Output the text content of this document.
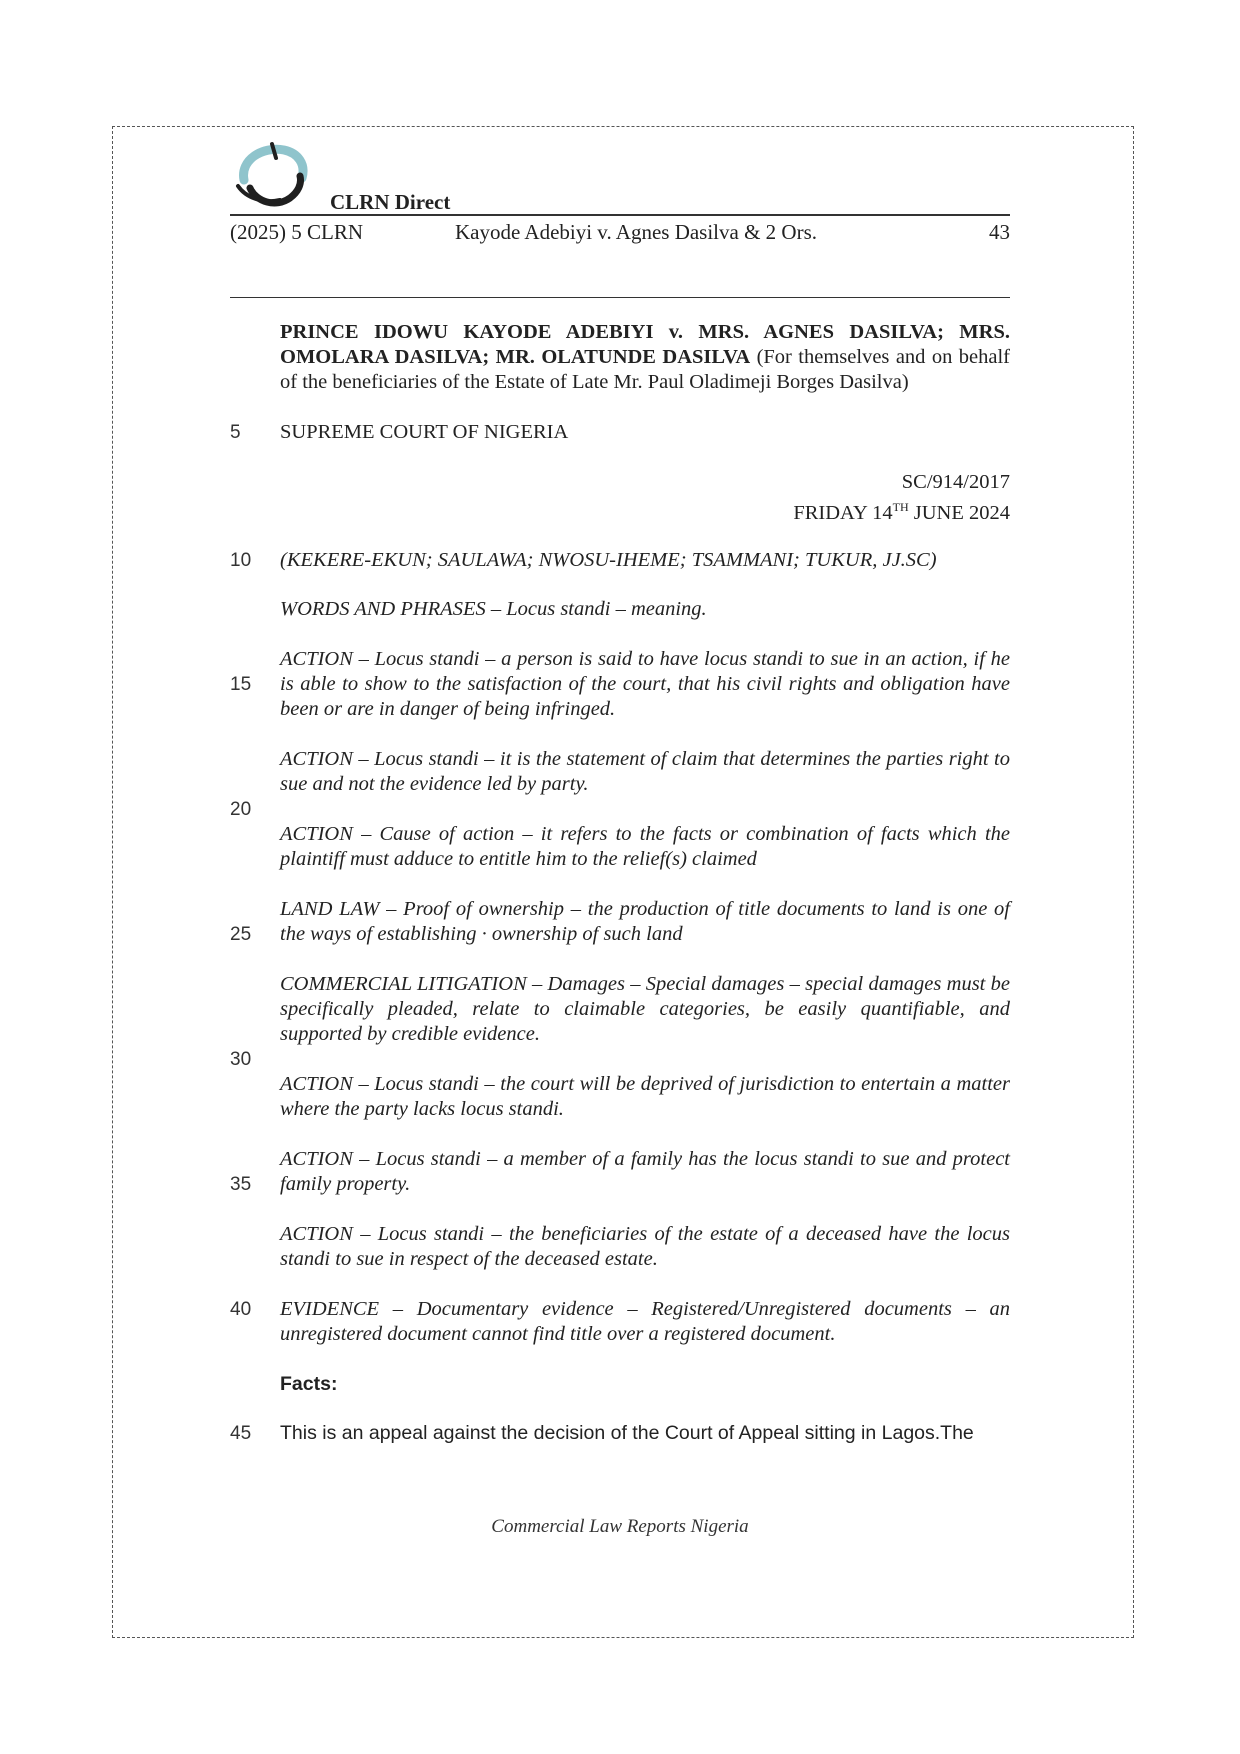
CLRN Direct
(2025) 5 CLRN	Kayode Adebiyi v. Agnes Dasilva & 2 Ors.	43
PRINCE IDOWU KAYODE ADEBIYI v. MRS. AGNES DASILVA; MRS. OMOLARA DASILVA; MR. OLATUNDE DASILVA (For themselves and on behalf of the beneficiaries of the Estate of Late Mr. Paul Oladimeji Borges Dasilva)
5	SUPREME COURT OF NIGERIA
SC/914/2017
FRIDAY 14TH JUNE 2024
10	(KEKERE-EKUN; SAULAWA; NWOSU-IHEME; TSAMMANI; TUKUR, JJ.SC)
WORDS AND PHRASES – Locus standi – meaning.
ACTION – Locus standi – a person is said to have locus standi to sue in an action, if he is able to show to the satisfaction of the court, that his civil rights and obligation have been or are in danger of being infringed.
15
ACTION – Locus standi – it is the statement of claim that determines the parties right to sue and not the evidence led by party.
20
ACTION – Cause of action – it refers to the facts or combination of facts which the plaintiff must adduce to entitle him to the relief(s) claimed
LAND LAW – Proof of ownership – the production of title documents to land is one of the ways of establishing · ownership of such land
25
COMMERCIAL LITIGATION – Damages – Special damages – special damages must be specifically pleaded, relate to claimable categories, be easily quantifiable, and supported by credible evidence.
30
ACTION – Locus standi – the court will be deprived of jurisdiction to entertain a matter where the party lacks locus standi.
ACTION – Locus standi – a member of a family has the locus standi to sue and protect family property.
35
ACTION – Locus standi – the beneficiaries of the estate of a deceased have the locus standi to sue in respect of the deceased estate.
40	EVIDENCE – Documentary evidence – Registered/Unregistered documents – an unregistered document cannot find title over a registered document.
Facts:
45	This is an appeal against the decision of the Court of Appeal sitting in Lagos.The
Commercial Law Reports Nigeria
